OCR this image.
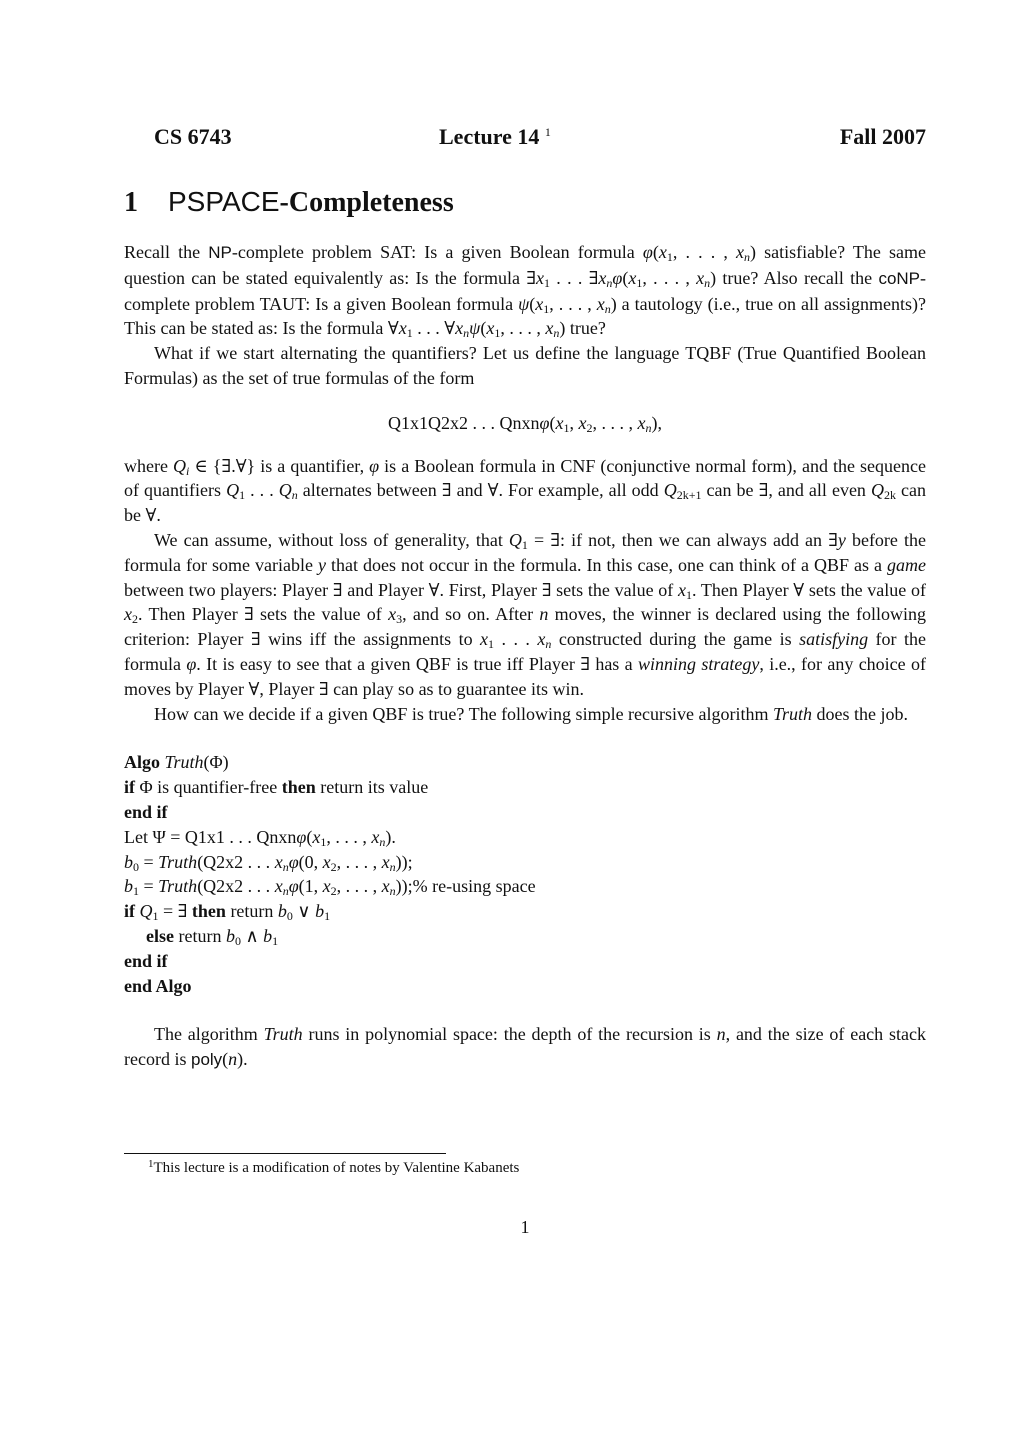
CS 6743	Lecture 14 $^1$	Fall 2007
1 PSPACE-Completeness

Recall the NP-complete problem SAT: Is a given Boolean formula $\varphi(x_1$, . . . , $x_n$) satisfiable? The same question can be stated equivalently as: Is the formula $\exists x_1$ . . . $\exists x_n\varphi(x_1$, . . . , $x_n$) true? Also recall the coNP-complete problem TAUT: Is a given Boolean formula $\psi(x_1$, . . . , $x_n$) a tautology (i.e., true on all assignments)? This can be stated as: Is the formula $\forall x_1$ . . . $\forall x_n\psi(x_1$, . . . , $x_n$) true?

What if we start alternating the quantifiers? Let us define the language TQBF (True Quantified Boolean Formulas) as the set of true formulas of the form

Q1x1Q2x2 . . . $Qnxn\varphi(x_1$, $x_2$, . . . , $x_n$),

where $Q_i$ ∈ {∃.∀} is a quantifier, φ is a Boolean formula in CNF (conjunctive normal form), and the sequence of quantifiers $Q_1$ . . . $Q_n$ alternates between ∃ and ∀. For example, all odd $Q_{2k+1}$ can be ∃, and all even $Q_{2k}$ can be ∀.

We can assume, without loss of generality, that $Q_1$ = ∃: if not, then we can always add an ∃y before the formula for some variable y that does not occur in the formula. In this case, one can think of a QBF as a game between two players: Player ∃ and Player ∀. First, Player ∃ sets the value of $x_1$. Then Player ∀ sets the value of $x_2$. Then Player ∃ sets the value of $x_3$, and so on. After n moves, the winner is declared using the following criterion: Player ∃ wins iff the assignments to $x_1$ . . . $x_n$ constructed during the game is satisfying for the formula φ. It is easy to see that a given QBF is true iff Player ∃ has a winning strategy, i.e., for any choice of moves by Player ∀, Player ∃ can play so as to guarantee its win.

How can we decide if a given QBF is true? The following simple recursive algorithm Truth does the job.

Algo Truth(Φ)
if Φ is quantifier-free then return its value
end if
Let Ψ = Q1x1 . . . $Qnxn\varphi(x_1$, . . . , $x_n$).
$b_0$ = Truth(Q2x2 . . . $x_n\varphi(0$, $x_2$, . . . , $x_n$));
$b_1$ = Truth(Q2x2 . . . $x_n\varphi(1$, $x_2$, . . . , $x_n));\%$ re-using space
if $Q_1$ = ∃ then return $b_0$ ∨ $b_1$
else return $b_0$ ∧ $b_1$
end if
end Algo

The algorithm Truth runs in polynomial space: the depth of the recursion is n, and the size of each stack record is poly(n).

$^1$This lecture is a modification of notes by Valentine Kabanets
1
